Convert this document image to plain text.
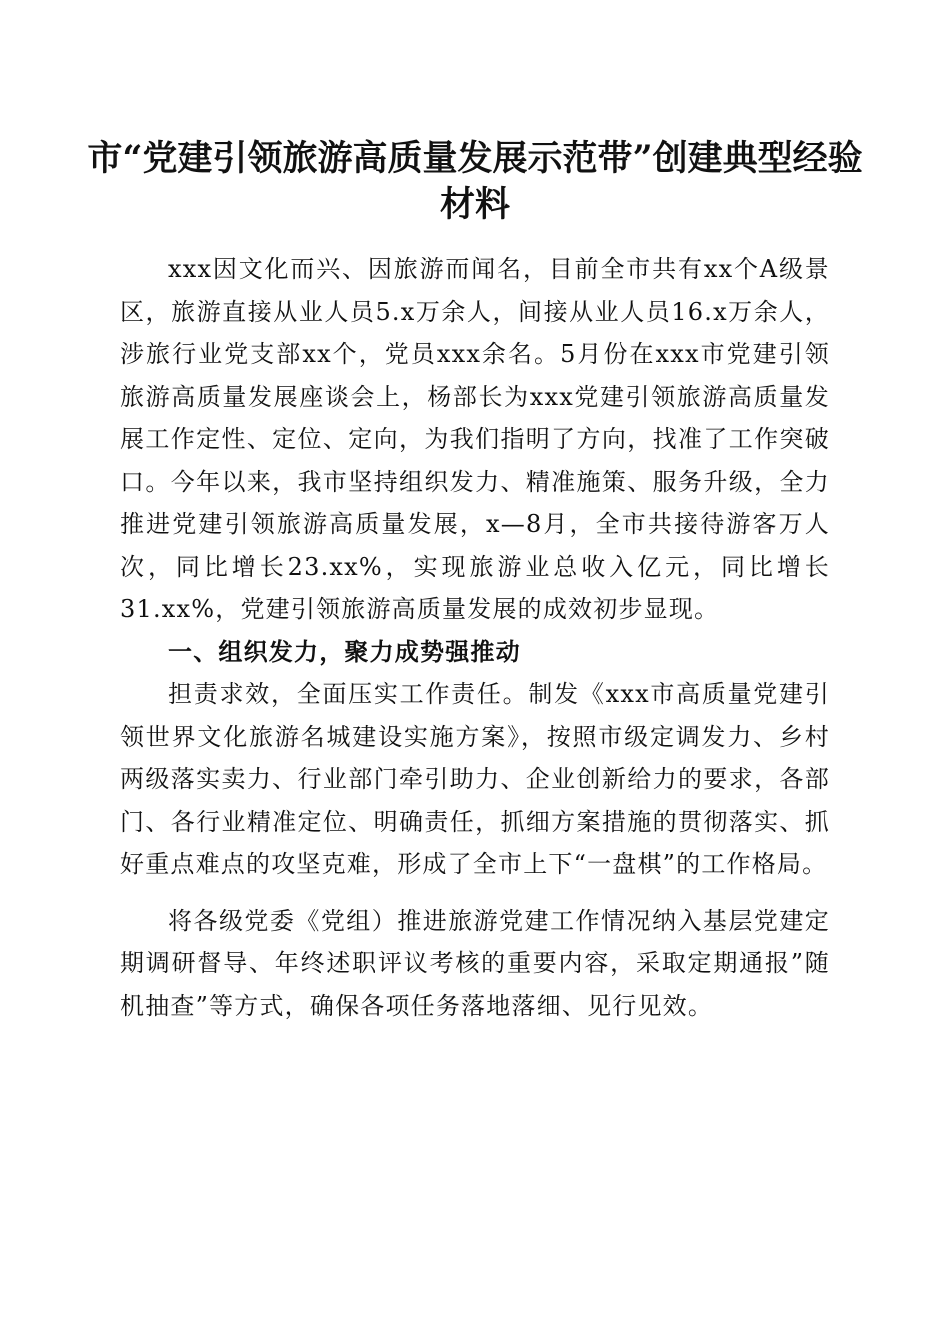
市“党建引领旅游高质量发展示范带”创建典型经验材料

xxx因文化而兴、因旅游而闻名，目前全市共有xx个A级景区，旅游直接从业人员5.x万余人，间接从业人员16.x万余人，涉旅行业党支部xx个，党员xxx余名。5月份在xxx市党建引领旅游高质量发展座谈会上，杨部长为xxx党建引领旅游高质量发展工作定性、定位、定向，为我们指明了方向，找准了工作突破口。今年以来，我市坚持组织发力、精准施策、服务升级，全力推进党建引领旅游高质量发展，x—8月，全市共接待游客万人次，同比增长23.xx%，实现旅游业总收入亿元，同比增长31.xx%，党建引领旅游高质量发展的成效初步显现。

一、组织发力，聚力成势强推动

担责求效，全面压实工作责任。制发《xxx市高质量党建引领世界文化旅游名城建设实施方案》，按照市级定调发力、乡村两级落实卖力、行业部门牵引助力、企业创新给力的要求，各部门、各行业精准定位、明确责任，抓细方案措施的贯彻落实、抓好重点难点的攻坚克难，形成了全市上下“一盘棋”的工作格局。

将各级党委《党组）推进旅游党建工作情况纳入基层党建定期调研督导、年终述职评议考核的重要内容，采取定期通报”随机抽查”等方式，确保各项任务落地落细、见行见效。
